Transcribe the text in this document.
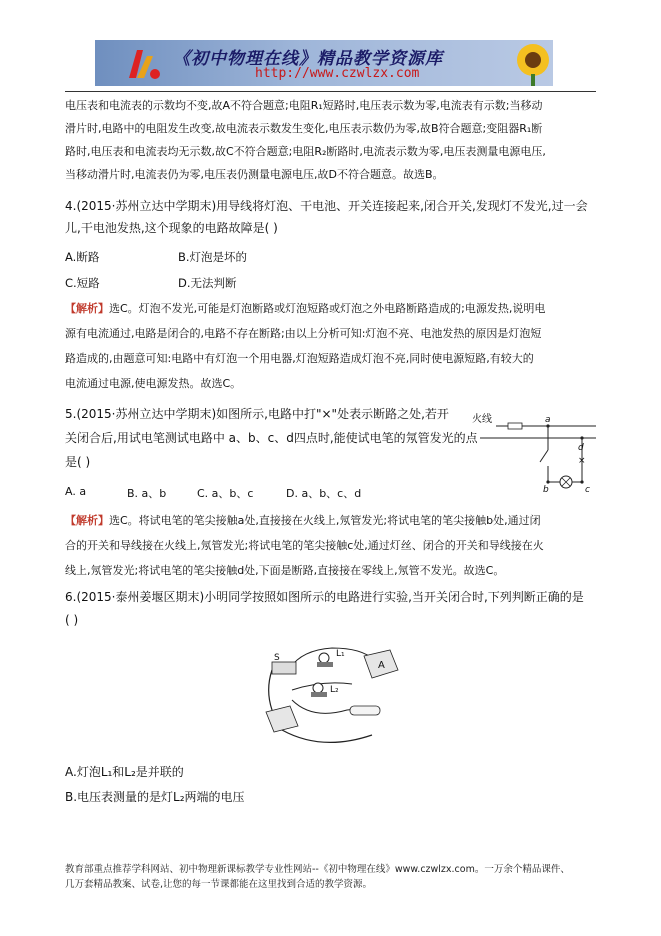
《初中物理在线》精品教学资源库
http://www.czwlzx.com
电压表和电流表的示数均不变,故A不符合题意;电阻R₁短路时,电压表示数为零,电流表有示数;当移动
滑片时,电路中的电阻发生改变,故电流表示数发生变化,电压表示数仍为零,故B符合题意;变阻器R₁断
路时,电压表和电流表均无示数,故C不符合题意;电阻R₂断路时,电流表示数为零,电压表测量电源电压,
当移动滑片时,电流表仍为零,电压表仍测量电源电压,故D不符合题意。故选B。
4.(2015·苏州立达中学期末)用导线将灯泡、干电池、开关连接起来,闭合开关,发现灯不发光,过一会
儿,干电池发热,这个现象的电路故障是( )
A.断路	B.灯泡是坏的
C.短路	D.无法判断
【解析】选C。灯泡不发光,可能是灯泡断路或灯泡短路或灯泡之外电路断路造成的;电源发热,说明电
源有电流通过,电路是闭合的,电路不存在断路;由以上分析可知:灯泡不亮、电池发热的原因是灯泡短
路造成的,由题意可知:电路中有灯泡一个用电器,灯泡短路造成灯泡不亮,同时使电源短路,有较大的
电流通过电源,使电源发热。故选C。
5.(2015·苏州立达中学期末)如图所示,电路中打"×"处表示断路之处,若开
关闭合后,用试电笔测试电路中 a、b、c、d四点时,能使试电笔的氖管发光的点
是( )
火线	a
b	c
d
×
A. a	B. a、b	C. a、b、c	D. a、b、c、d
【解析】选C。将试电笔的笔尖接触a处,直接接在火线上,氖管发光;将试电笔的笔尖接触b处,通过闭
合的开关和导线接在火线上,氖管发光;将试电笔的笔尖接触c处,通过灯丝、闭合的开关和导线接在火
线上,氖管发光;将试电笔的笔尖接触d处,下面是断路,直接接在零线上,氖管不发光。故选C。
6.(2015·泰州姜堰区期末)小明同学按照如图所示的电路进行实验,当开关闭合时,下列判断正确的是
( )
S	L₁
L₂
A
A.灯泡L₁和L₂是并联的
B.电压表测量的是灯L₂两端的电压
教育部重点推荐学科网站、初中物理新课标教学专业性网站--《初中物理在线》www.czwlzx.com。一万余个精品课件、
几万套精品教案、试卷,让您的每一节课都能在这里找到合适的教学资源。
